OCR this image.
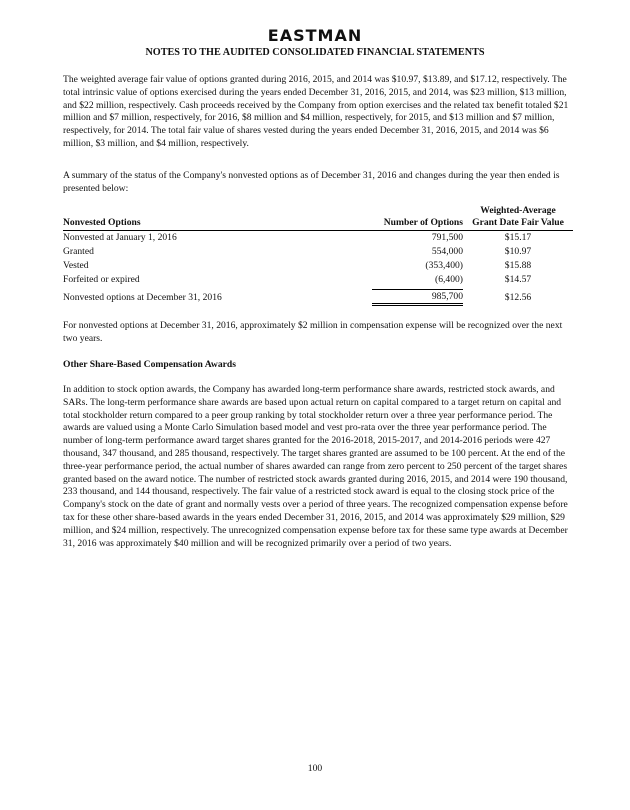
EASTMAN
NOTES TO THE AUDITED CONSOLIDATED FINANCIAL STATEMENTS

The weighted average fair value of options granted during 2016, 2015, and 2014 was $10.97, $13.89, and $17.12, respectively. The total intrinsic value of options exercised during the years ended December 31, 2016, 2015, and 2014, was $23 million, $13 million, and $22 million, respectively. Cash proceeds received by the Company from option exercises and the related tax benefit totaled $21 million and $7 million, respectively, for 2016, $8 million and $4 million, respectively, for 2015, and $13 million and $7 million, respectively, for 2014. The total fair value of shares vested during the years ended December 31, 2016, 2015, and 2014 was $6 million, $3 million, and $4 million, respectively.

A summary of the status of the Company's nonvested options as of December 31, 2016 and changes during the year then ended is presented below:

Nonvested Options	Number of Options	Weighted-Average
Grant Date Fair Value

Nonvested at January 1, 2016	791,500	$15.17
Granted	554,000	$10.97
Vested	(353,400)	$15.88
Forfeited or expired	(6,400)	$14.57
Nonvested options at December 31, 2016	985,700	$12.56

For nonvested options at December 31, 2016, approximately $2 million in compensation expense will be recognized over the next two years.

Other Share-Based Compensation Awards

In addition to stock option awards, the Company has awarded long-term performance share awards, restricted stock awards, and SARs. The long-term performance share awards are based upon actual return on capital compared to a target return on capital and total stockholder return compared to a peer group ranking by total stockholder return over a three year performance period. The awards are valued using a Monte Carlo Simulation based model and vest pro-rata over the three year performance period. The number of long-term performance award target shares granted for the 2016-2018, 2015-2017, and 2014-2016 periods were 427 thousand, 347 thousand, and 285 thousand, respectively. The target shares granted are assumed to be 100 percent. At the end of the three-year performance period, the actual number of shares awarded can range from zero percent to 250 percent of the target shares granted based on the award notice. The number of restricted stock awards granted during 2016, 2015, and 2014 were 190 thousand, 233 thousand, and 144 thousand, respectively. The fair value of a restricted stock award is equal to the closing stock price of the Company's stock on the date of grant and normally vests over a period of three years. The recognized compensation expense before tax for these other share-based awards in the years ended December 31, 2016, 2015, and 2014 was approximately $29 million, $29 million, and $24 million, respectively. The unrecognized compensation expense before tax for these same type awards at December 31, 2016 was approximately $40 million and will be recognized primarily over a period of two years.

100
